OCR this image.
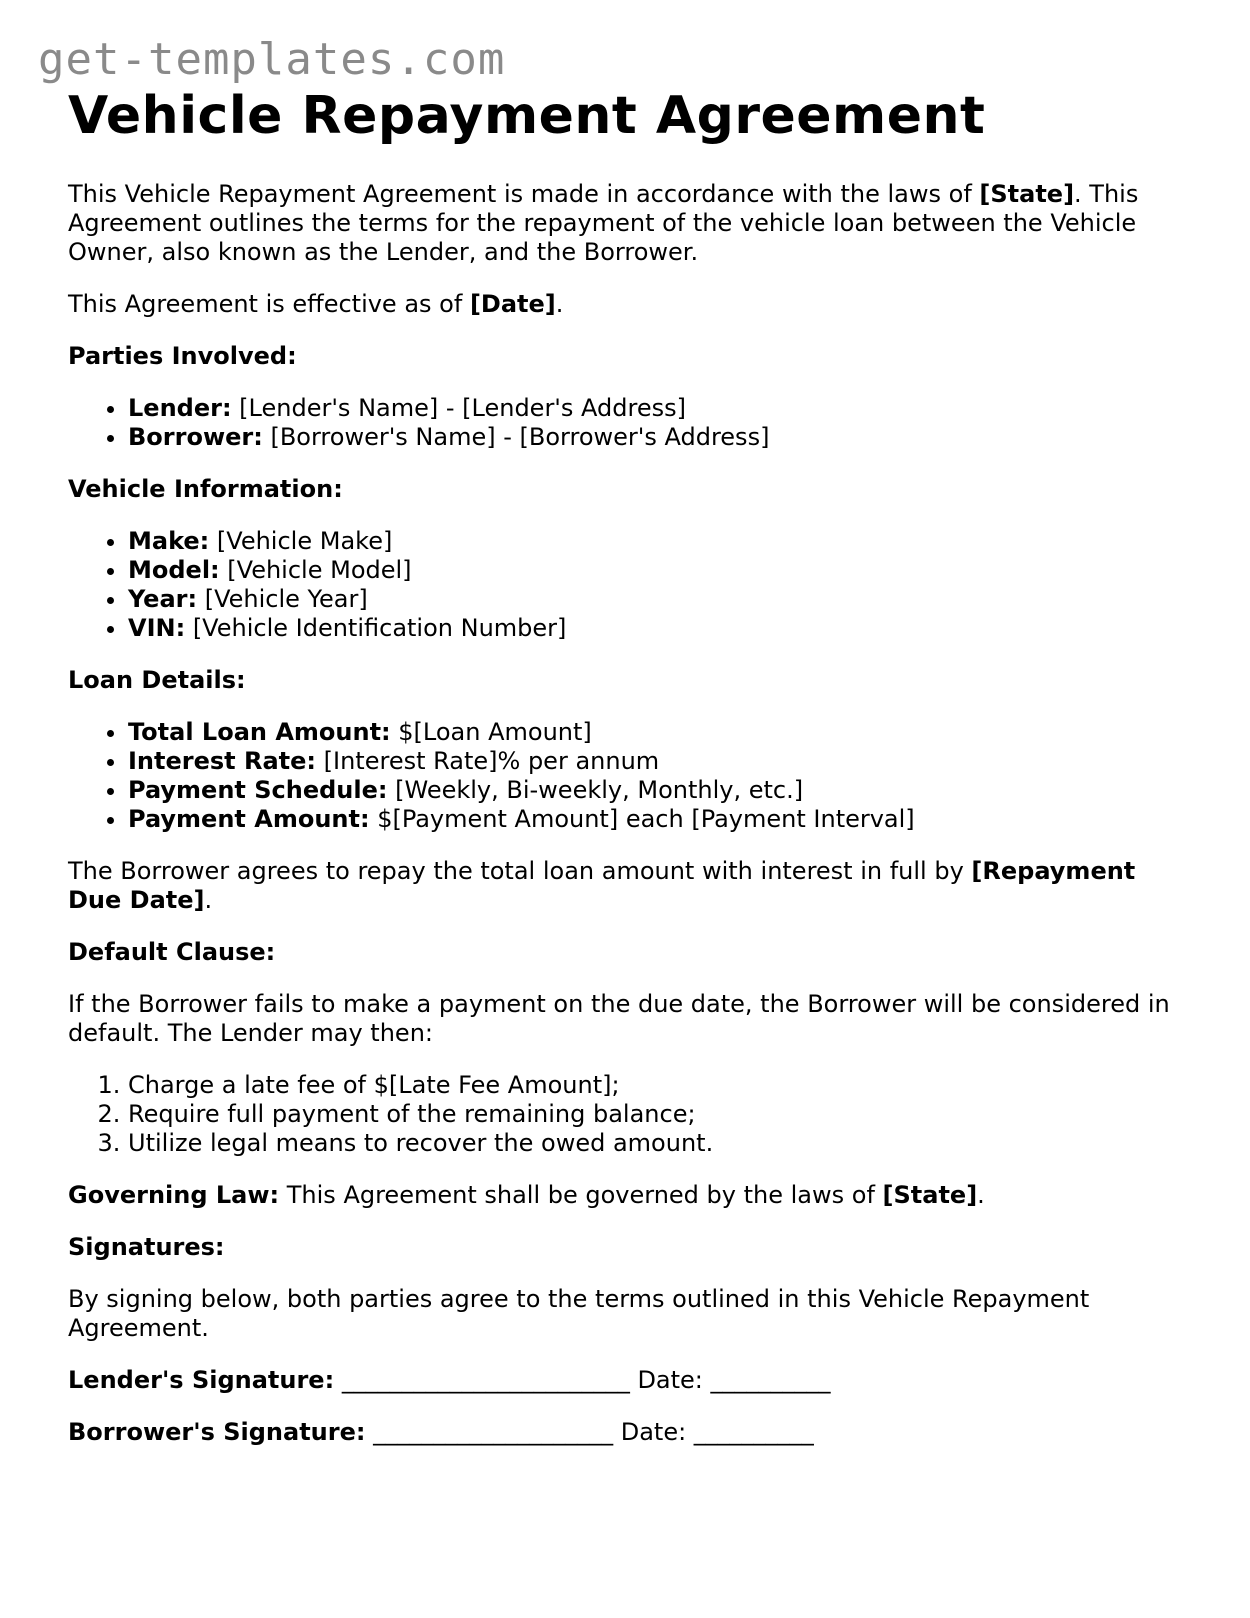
get-templates.com
Vehicle Repayment Agreement

This Vehicle Repayment Agreement is made in accordance with the laws of [State]. This Agreement outlines the terms for the repayment of the vehicle loan between the Vehicle Owner, also known as the Lender, and the Borrower.

This Agreement is effective as of [Date].

Parties Involved:
• Lender: [Lender's Name] - [Lender's Address]
• Borrower: [Borrower's Name] - [Borrower's Address]
Vehicle Information:
• Make: [Vehicle Make]
• Model: [Vehicle Model]
• Year: [Vehicle Year]
• VIN: [Vehicle Identification Number]
Loan Details:
• Total Loan Amount: $[Loan Amount]
• Interest Rate: [Interest Rate]% per annum
• Payment Schedule: [Weekly, Bi-weekly, Monthly, etc.]
• Payment Amount: $[Payment Amount] each [Payment Interval]

The Borrower agrees to repay the total loan amount with interest in full by [Repayment Due Date].

Default Clause:

If the Borrower fails to make a payment on the due date, the Borrower will be considered in default. The Lender may then:

1. Charge a late fee of $[Late Fee Amount];
2. Require full payment of the remaining balance;
3. Utilize legal means to recover the owed amount.

Governing Law: This Agreement shall be governed by the laws of [State].

Signatures:

By signing below, both parties agree to the terms outlined in this Vehicle Repayment Agreement.

Lender's Signature: ________________________ Date: __________

Borrower's Signature: ____________________ Date: __________
